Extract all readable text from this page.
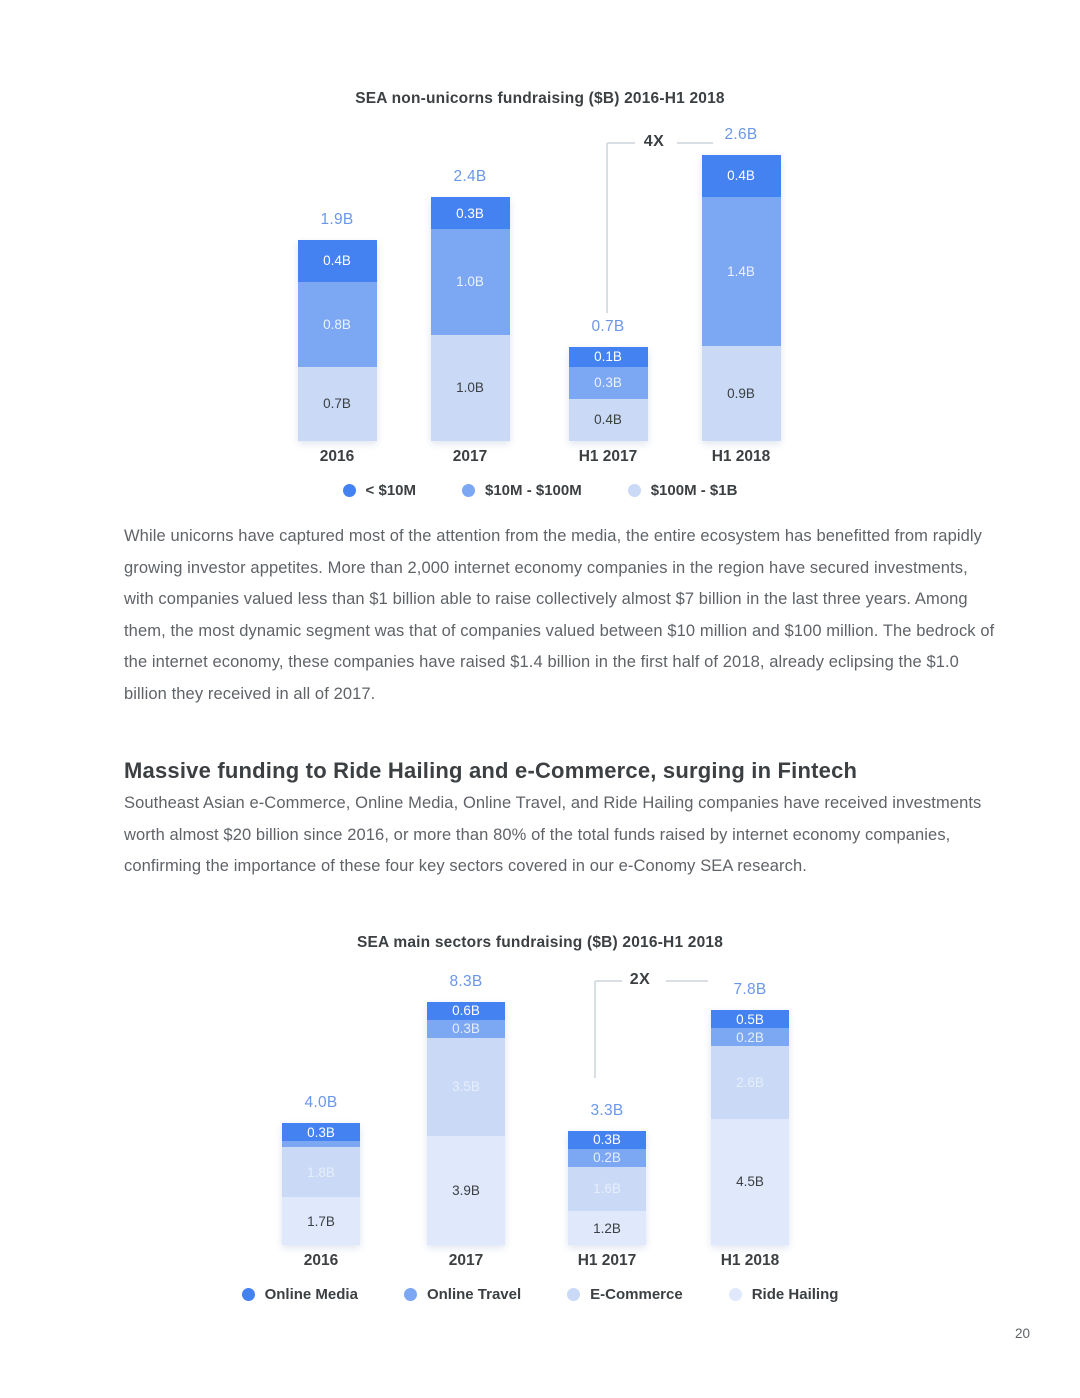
SEA non-unicorns fundraising ($B) 2016-H1 2018
4X
0.4B
0.8B
0.7B
1.9B
2016
0.3B
1.0B
1.0B
2.4B
2017
0.1B
0.3B
0.4B
0.7B
H1 2017
0.4B
1.4B
0.9B
2.6B
H1 2018
< $10M	$10M - $100M	$100M - $1B

While unicorns have captured most of the attention from the media, the entire ecosystem has benefitted from rapidly growing investor appetites. More than 2,000 internet economy companies in the region have secured investments, with companies valued less than $1 billion able to raise collectively almost $7 billion in the last three years. Among them, the most dynamic segment was that of companies valued between $10 million and $100 million. The bedrock of the internet economy, these companies have raised $1.4 billion in the first half of 2018, already eclipsing the $1.0 billion they received in all of 2017.

Massive funding to Ride Hailing and e-Commerce, surging in Fintech

Southeast Asian e-Commerce, Online Media, Online Travel, and Ride Hailing companies have received investments worth almost $20 billion since 2016, or more than 80% of the total funds raised by internet economy companies, confirming the importance of these four key sectors covered in our e-Conomy SEA research.

SEA main sectors fundraising ($B) 2016-H1 2018
2X
0.3B
1.8B
1.7B
4.0B
2016
0.6B
0.3B
3.5B
3.9B
8.3B
2017
0.3B
0.2B
1.6B
1.2B
3.3B
H1 2017
0.5B
0.2B
2.6B
4.5B
7.8B
H1 2018
Online Media	Online Travel	E-Commerce	Ride Hailing
20
